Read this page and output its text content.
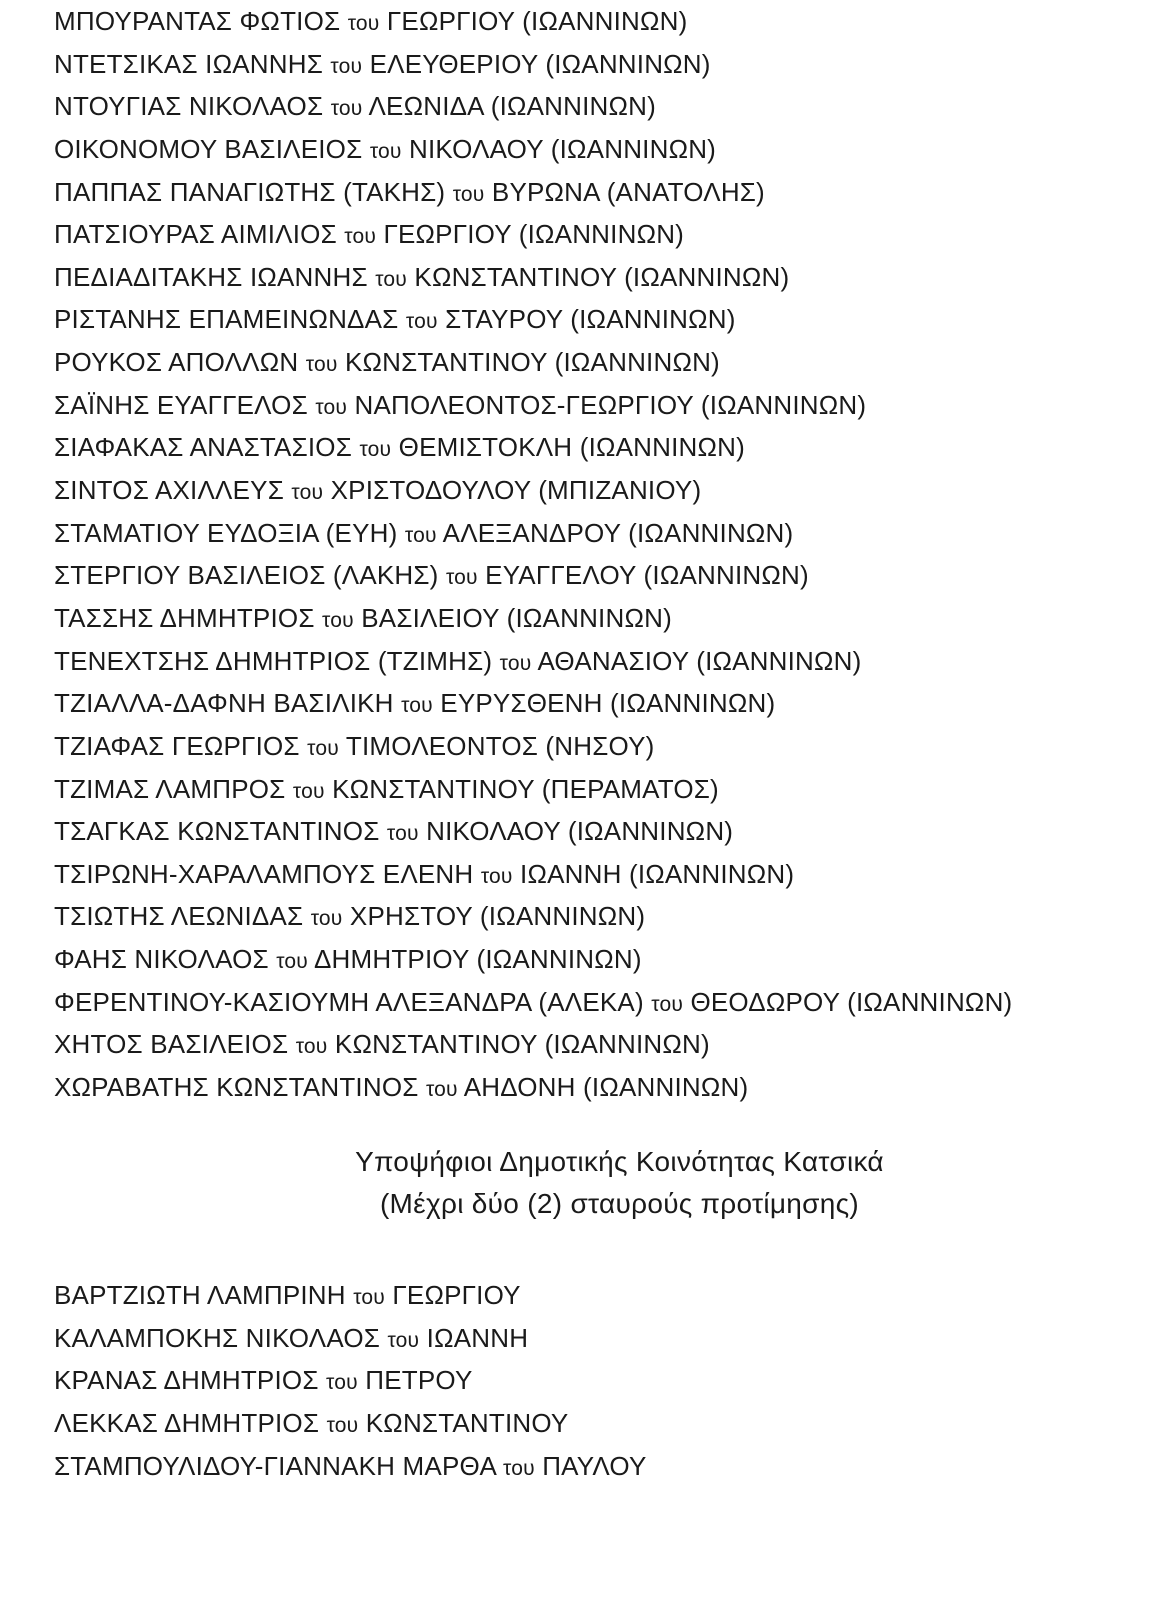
ΜΠΟΥΡΑΝΤΑΣ ΦΩΤΙΟΣ του ΓΕΩΡΓΙΟΥ (ΙΩΑΝΝΙΝΩΝ)
ΝΤΕΤΣΙΚΑΣ ΙΩΑΝΝΗΣ του ΕΛΕΥΘΕΡΙΟΥ (ΙΩΑΝΝΙΝΩΝ)
ΝΤΟΥΓΙΑΣ ΝΙΚΟΛΑΟΣ του ΛΕΩΝΙΔΑ (ΙΩΑΝΝΙΝΩΝ)
ΟΙΚΟΝΟΜΟΥ ΒΑΣΙΛΕΙΟΣ του ΝΙΚΟΛΑΟΥ (ΙΩΑΝΝΙΝΩΝ)
ΠΑΠΠΑΣ ΠΑΝΑΓΙΩΤΗΣ (ΤΑΚΗΣ) του ΒΥΡΩΝΑ (ΑΝΑΤΟΛΗΣ)
ΠΑΤΣΙΟΥΡΑΣ ΑΙΜΙΛΙΟΣ του ΓΕΩΡΓΙΟΥ (ΙΩΑΝΝΙΝΩΝ)
ΠΕΔΙΑΔΙΤΑΚΗΣ ΙΩΑΝΝΗΣ του ΚΩΝΣΤΑΝΤΙΝΟΥ (ΙΩΑΝΝΙΝΩΝ)
ΡΙΣΤΑΝΗΣ ΕΠΑΜΕΙΝΩΝΔΑΣ του ΣΤΑΥΡΟΥ (ΙΩΑΝΝΙΝΩΝ)
ΡΟΥΚΟΣ ΑΠΟΛΛΩΝ του ΚΩΝΣΤΑΝΤΙΝΟΥ (ΙΩΑΝΝΙΝΩΝ)
ΣΑΪΝΗΣ ΕΥΑΓΓΕΛΟΣ του ΝΑΠΟΛΕΟΝΤΟΣ-ΓΕΩΡΓΙΟΥ (ΙΩΑΝΝΙΝΩΝ)
ΣΙΑΦΑΚΑΣ ΑΝΑΣΤΑΣΙΟΣ του ΘΕΜΙΣΤΟΚΛΗ (ΙΩΑΝΝΙΝΩΝ)
ΣΙΝΤΟΣ ΑΧΙΛΛΕΥΣ του ΧΡΙΣΤΟΔΟΥΛΟΥ (ΜΠΙΖΑΝΙΟΥ)
ΣΤΑΜΑΤΙΟΥ ΕΥΔΟΞΙΑ (ΕΥΗ) του ΑΛΕΞΑΝΔΡΟΥ (ΙΩΑΝΝΙΝΩΝ)
ΣΤΕΡΓΙΟΥ ΒΑΣΙΛΕΙΟΣ (ΛΑΚΗΣ) του ΕΥΑΓΓΕΛΟΥ (ΙΩΑΝΝΙΝΩΝ)
ΤΑΣΣΗΣ ΔΗΜΗΤΡΙΟΣ του ΒΑΣΙΛΕΙΟΥ (ΙΩΑΝΝΙΝΩΝ)
ΤΕΝΕΧΤΣΗΣ ΔΗΜΗΤΡΙΟΣ (ΤΖΙΜΗΣ) του ΑΘΑΝΑΣΙΟΥ (ΙΩΑΝΝΙΝΩΝ)
ΤΖΙΑΛΛΑ-ΔΑΦΝΗ ΒΑΣΙΛΙΚΗ του ΕΥΡΥΣΘΕΝΗ (ΙΩΑΝΝΙΝΩΝ)
ΤΖΙΑΦΑΣ ΓΕΩΡΓΙΟΣ του ΤΙΜΟΛΕΟΝΤΟΣ (ΝΗΣΟΥ)
ΤΖΙΜΑΣ ΛΑΜΠΡΟΣ του ΚΩΝΣΤΑΝΤΙΝΟΥ (ΠΕΡΑΜΑΤΟΣ)
ΤΣΑΓΚΑΣ ΚΩΝΣΤΑΝΤΙΝΟΣ του ΝΙΚΟΛΑΟΥ (ΙΩΑΝΝΙΝΩΝ)
ΤΣΙΡΩΝΗ-ΧΑΡΑΛΑΜΠΟΥΣ ΕΛΕΝΗ του ΙΩΑΝΝΗ (ΙΩΑΝΝΙΝΩΝ)
ΤΣΙΩΤΗΣ ΛΕΩΝΙΔΑΣ του ΧΡΗΣΤΟΥ (ΙΩΑΝΝΙΝΩΝ)
ΦΑΗΣ ΝΙΚΟΛΑΟΣ του ΔΗΜΗΤΡΙΟΥ (ΙΩΑΝΝΙΝΩΝ)
ΦΕΡΕΝΤΙΝΟΥ-ΚΑΣΙΟΥΜΗ ΑΛΕΞΑΝΔΡΑ (ΑΛΕΚΑ) του ΘΕΟΔΩΡΟΥ (ΙΩΑΝΝΙΝΩΝ)
ΧΗΤΟΣ ΒΑΣΙΛΕΙΟΣ του ΚΩΝΣΤΑΝΤΙΝΟΥ (ΙΩΑΝΝΙΝΩΝ)
ΧΩΡΑΒΑΤΗΣ ΚΩΝΣΤΑΝΤΙΝΟΣ του ΑΗΔΟΝΗ (ΙΩΑΝΝΙΝΩΝ)
Υποψήφιοι Δημοτικής Κοινότητας Κατσικά
(Μέχρι δύο (2) σταυρούς προτίμησης)
ΒΑΡΤΖΙΩΤΗ ΛΑΜΠΡΙΝΗ του ΓΕΩΡΓΙΟΥ
ΚΑΛΑΜΠΟΚΗΣ ΝΙΚΟΛΑΟΣ του ΙΩΑΝΝΗ
ΚΡΑΝΑΣ ΔΗΜΗΤΡΙΟΣ του ΠΕΤΡΟΥ
ΛΕΚΚΑΣ ΔΗΜΗΤΡΙΟΣ του ΚΩΝΣΤΑΝΤΙΝΟΥ
ΣΤΑΜΠΟΥΛΙΔΟΥ-ΓΙΑΝΝΑΚΗ ΜΑΡΘΑ του ΠΑΥΛΟΥ
